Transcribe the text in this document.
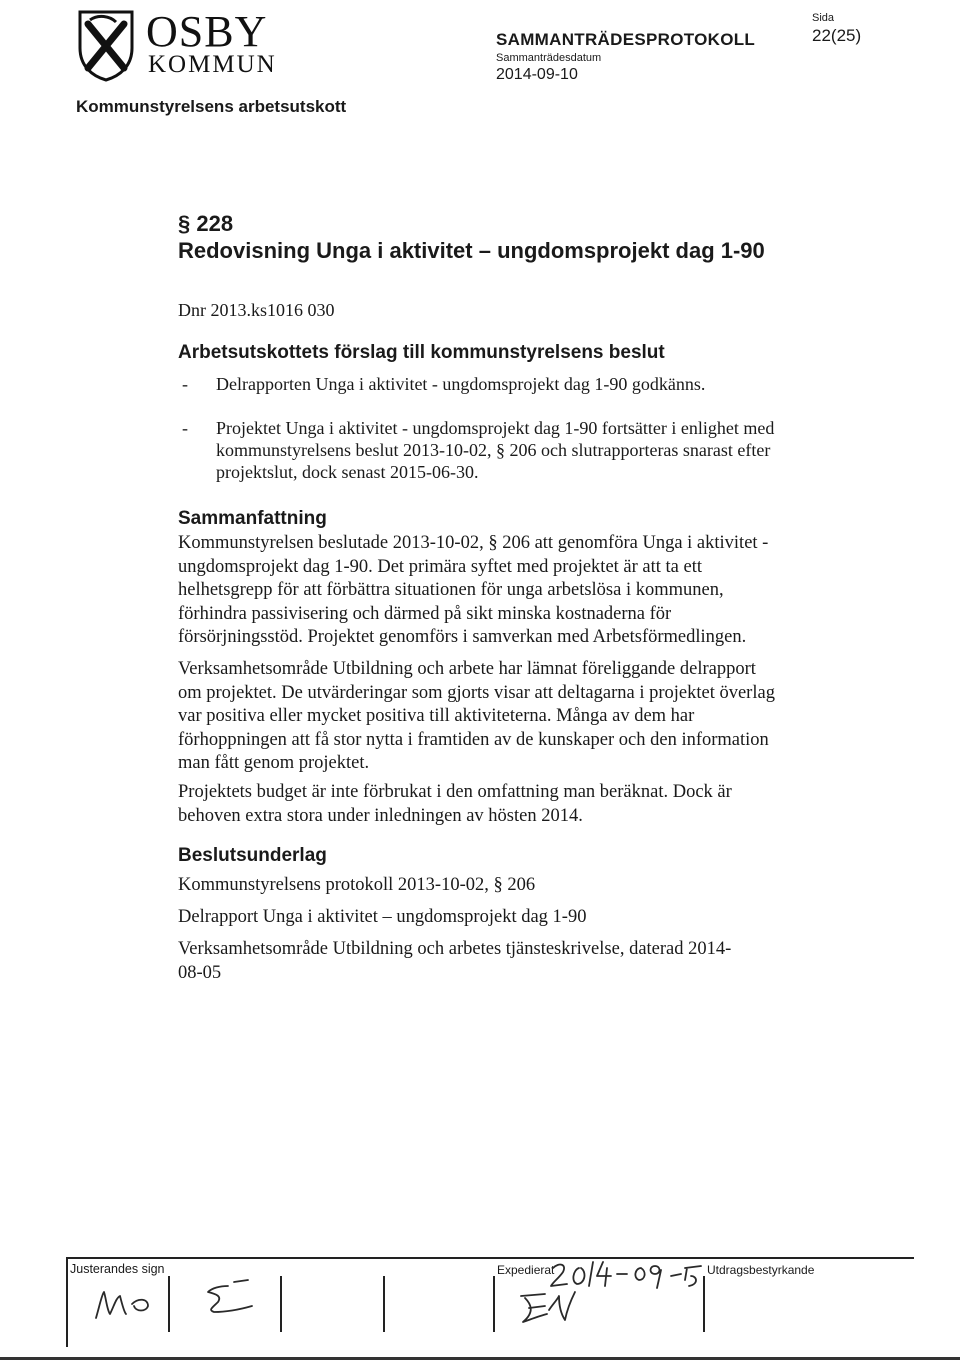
OSBY
KOMMUN
SAMMANTRÄDESPROTOKOLL
Sammanträdesdatum
2014-09-10
Sida
22(25)
Kommunstyrelsens arbetsutskott
§ 228
Redovisning Unga i aktivitet – ungdomsprojekt dag 1-90
Dnr 2013.ks1016 030
Arbetsutskottets förslag till kommunstyrelsens beslut
- Delrapporten Unga i aktivitet - ungdomsprojekt dag 1-90 godkänns.
- Projektet Unga i aktivitet - ungdomsprojekt dag 1-90 fortsätter i enlighet med kommunstyrelsens beslut 2013-10-02, § 206 och slutrapporteras snarast efter projektslut, dock senast 2015-06-30.
Sammanfattning
Kommunstyrelsen beslutade 2013-10-02, § 206 att genomföra Unga i aktivitet - ungdomsprojekt dag 1-90. Det primära syftet med projektet är att ta ett helhetsgrepp för att förbättra situationen för unga arbetslösa i kommunen, förhindra passivisering och därmed på sikt minska kostnaderna för försörjningsstöd. Projektet genomförs i samverkan med Arbetsförmedlingen.
Verksamhetsområde Utbildning och arbete har lämnat föreliggande delrapport om projektet. De utvärderingar som gjorts visar att deltagarna i projektet överlag var positiva eller mycket positiva till aktiviteterna. Många av dem har förhoppningen att få stor nytta i framtiden av de kunskaper och den information man fått genom projektet.
Projektets budget är inte förbrukat i den omfattning man beräknat. Dock är behoven extra stora under inledningen av hösten 2014.
Beslutsunderlag
Kommunstyrelsens protokoll 2013-10-02, § 206
Delrapport Unga i aktivitet – ungdomsprojekt dag 1-90
Verksamhetsområde Utbildning och arbetes tjänsteskrivelse, daterad 2014-08-05
Justerandes sign	Expedierat	Utdragsbestyrkande
